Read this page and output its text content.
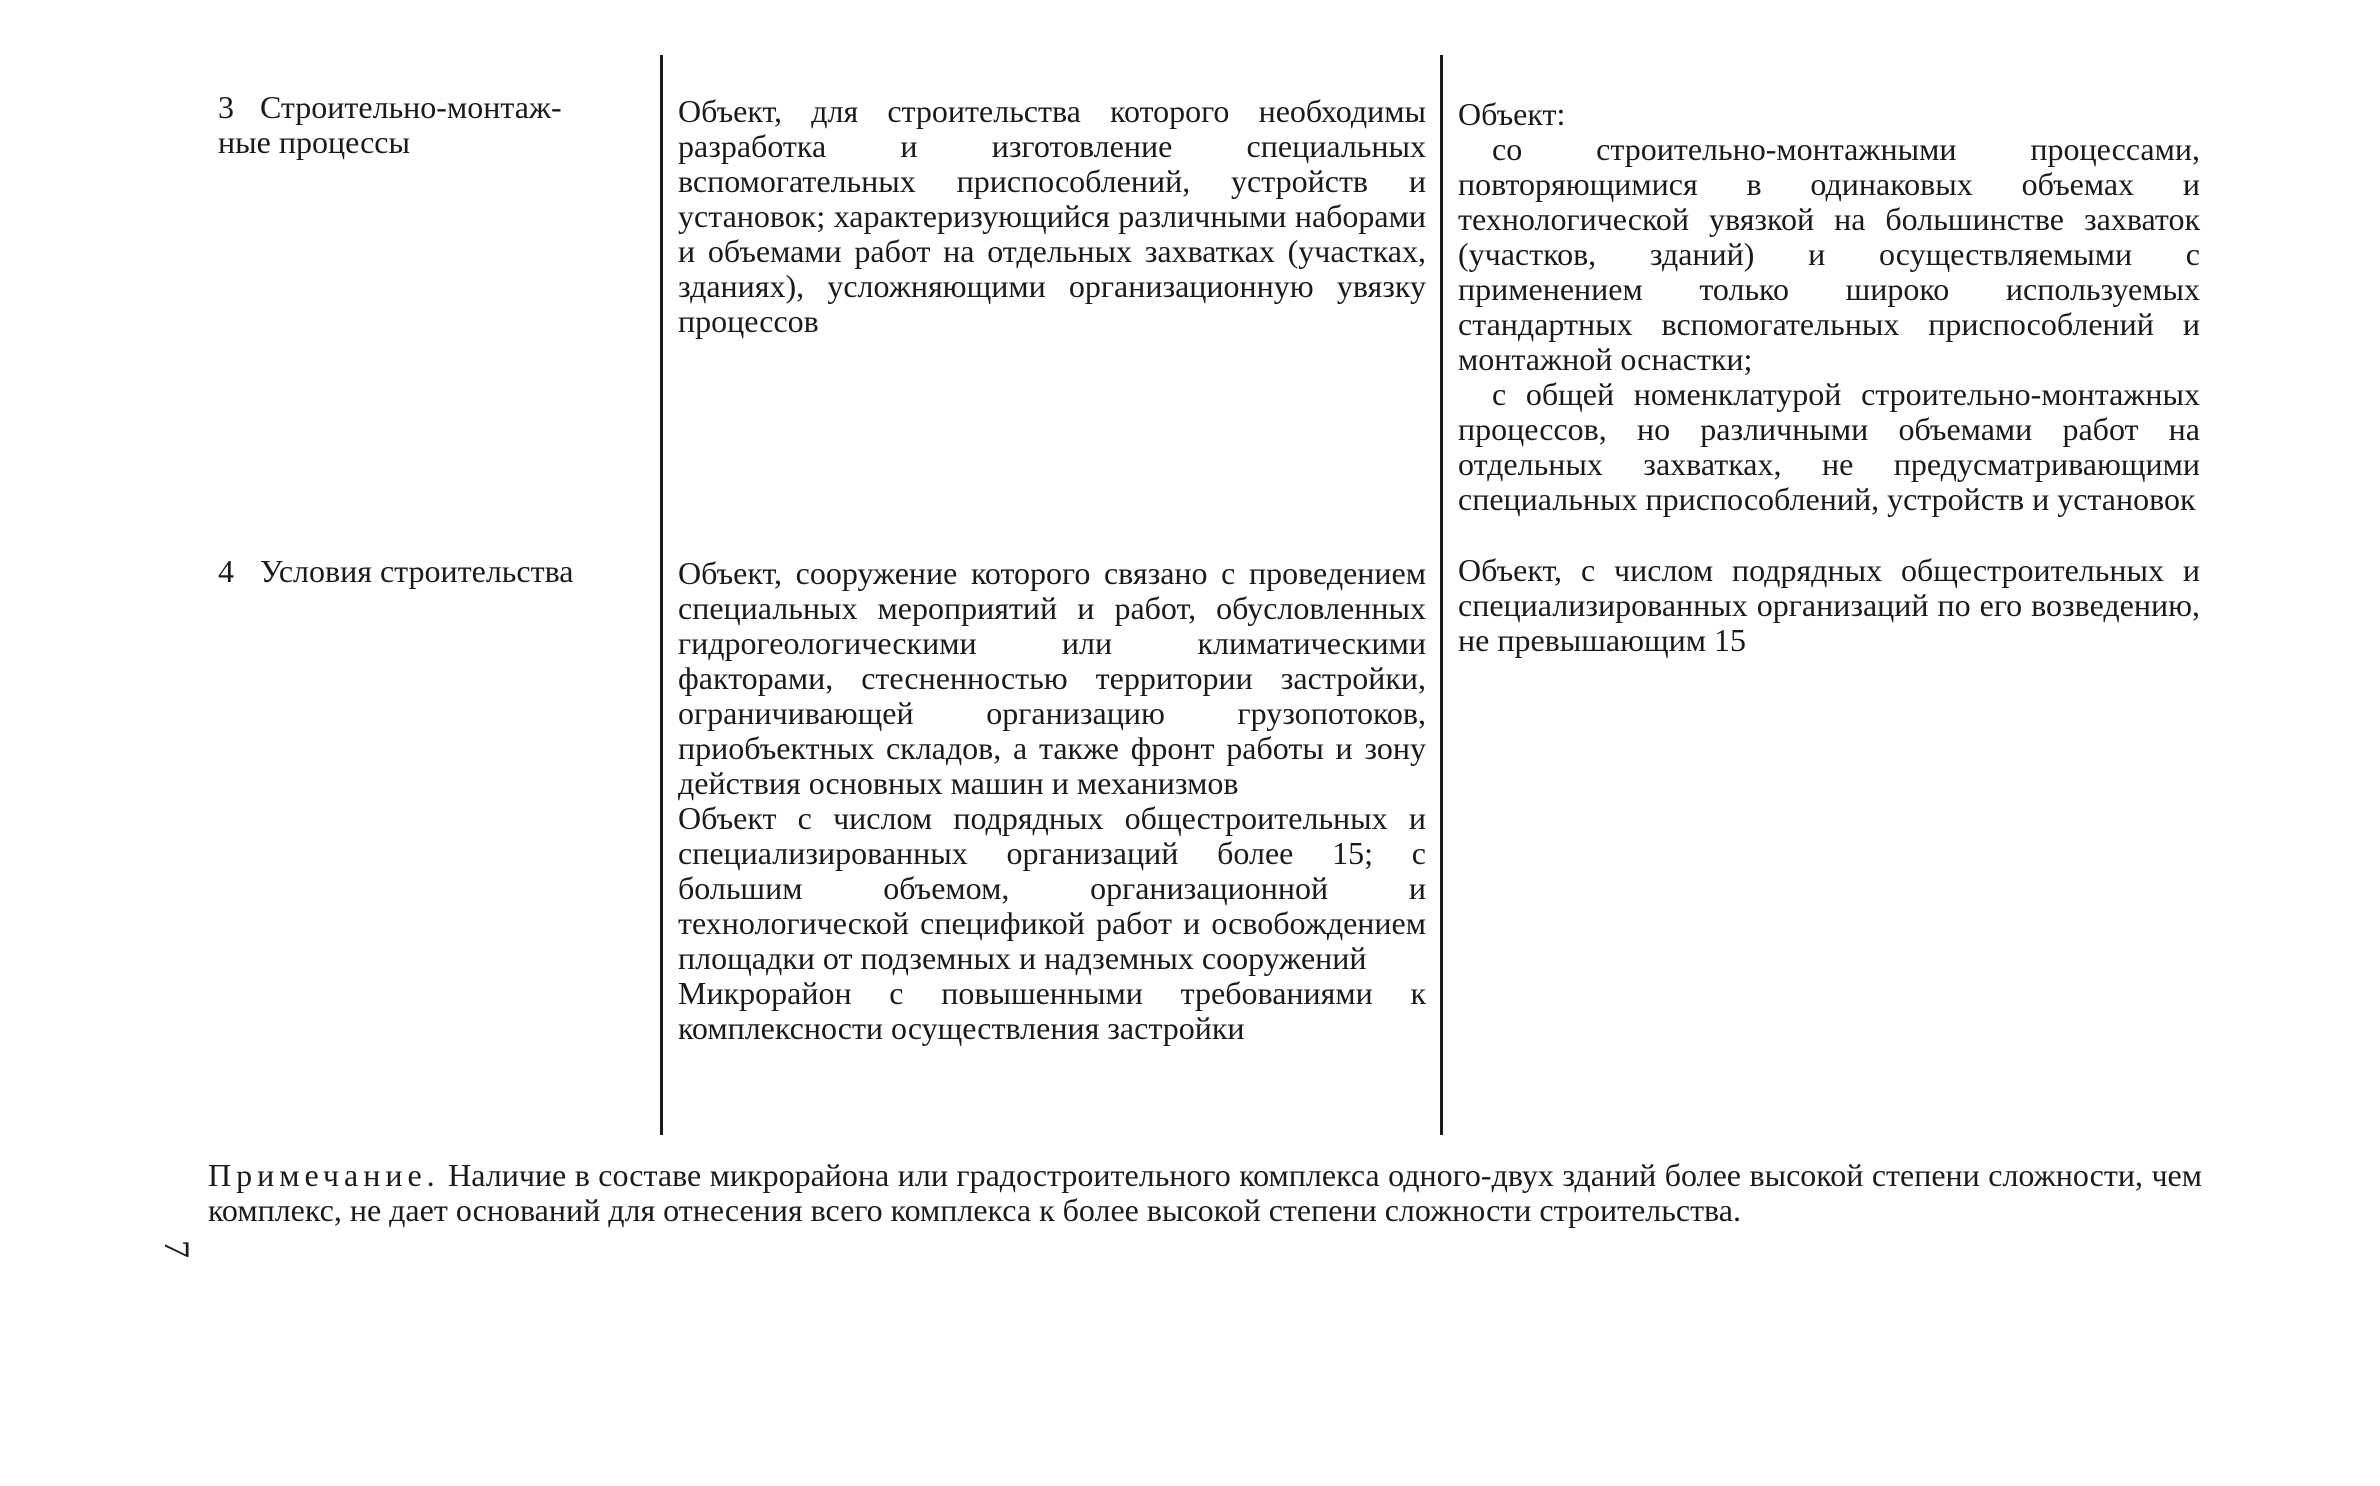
3 Строительно-монтаж-
ные процессы

Объект, для строительства которого необходимы разработка и изготовление специальных вспомогательных приспособлений, устройств и установок; характеризующийся различными наборами и объемами работ на отдельных захватках (участках, зданиях), усложняющими организационную увязку процессов

Объект:

со строительно-монтажными процессами, повторяющимися в одинаковых объемах и технологической увязкой на большинстве захваток (участков, зданий) и осуществляемыми с применением только широко используемых стандартных вспомогательных приспособлений и монтажной оснастки;

с общей номенклатурой строительно-монтажных процессов, но различными объемами работ на отдельных захватках, не предусматривающими специальных приспособлений, устройств и установок

4 Условия строительства	Объект, сооружение которого связано с проведением специальных мероприятий и работ, обусловленных гидрогеологическими или климатическими факторами, стесненностью территории застройки, ограничивающей организацию грузопотоков, приобъектных складов, а также фронт работы и зону действия основных машин и механизмов

Объект с числом подрядных общестроительных и специализированных организаций более 15; с большим объемом, организационной и технологической спецификой работ и освобождением площадки от подземных и надземных сооружений

Микрорайон с повышенными требованиями к комплексности осуществления застройки

Объект, с числом подрядных общестроительных и специализированных организаций по его возведению, не превышающим 15

Примечание. Наличие в составе микрорайона или градостроительного комплекса одного-двух зданий более высокой степени сложности, чем комплекс, не дает оснований для отнесения всего комплекса к более высокой степени сложности строительства.
7
